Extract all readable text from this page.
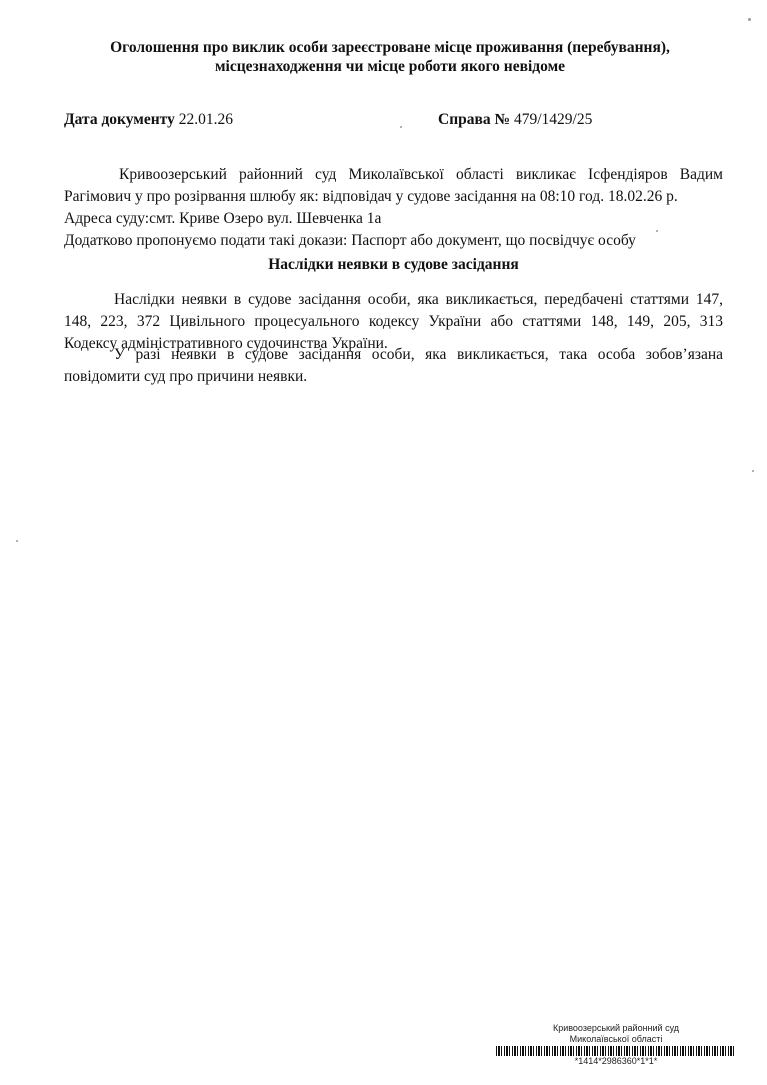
Оголошення про виклик особи зареєстроване місце проживання (перебування),
місцезнаходження чи місце роботи якого невідоме
Дата документу 22.01.26	Справа № 479/1429/25
Кривоозерський районний суд Миколаївської області викликає Ісфендіяров Вадим
Рагімович у про розірвання шлюбу як: відповідач у судове засідання на 08:10 год. 18.02.26 р.
Адреса суду:смт. Криве Озеро вул. Шевченка 1а
Додатково пропонуємо подати такі докази: Паспорт або документ, що посвідчує особу
Наслідки неявки в судове засідання
Наслідки неявки в судове засідання особи, яка викликається, передбачені статтями 147,
148, 223, 372 Цивільного процесуального кодексу України або статтями 148, 149, 205, 313
Кодексу адміністративного судочинства України.
У разі неявки в судове засідання особи, яка викликається, така особа зобов’язана
повідомити суд про причини неявки.
Кривоозерський районний суд
Миколаївської області
*1414*2986360*1*1*
